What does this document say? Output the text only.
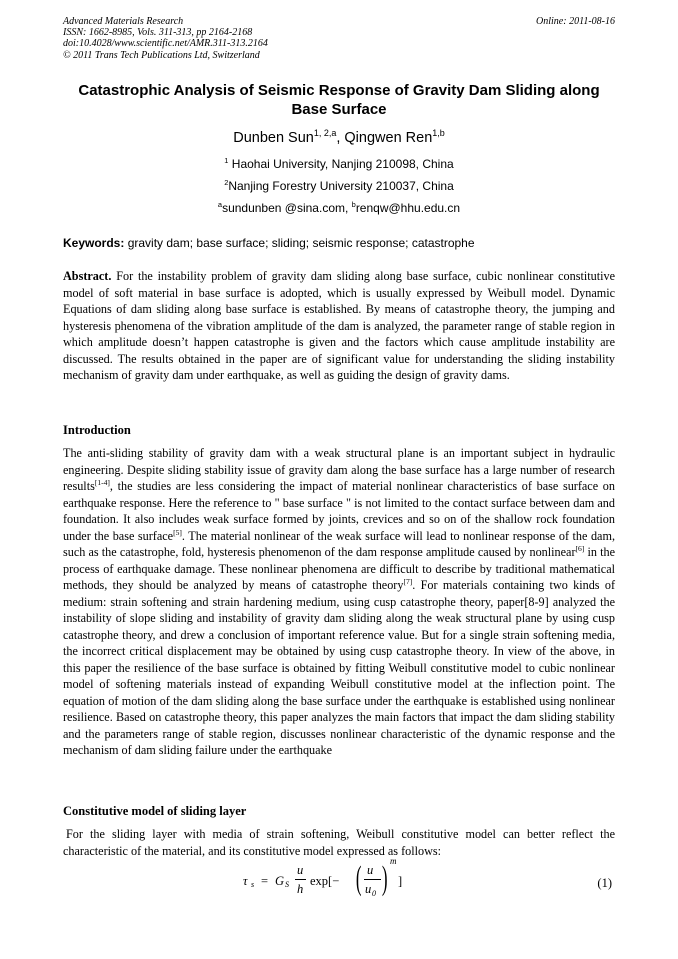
Advanced Materials Research
ISSN: 1662-8985, Vols. 311-313, pp 2164-2168
doi:10.4028/www.scientific.net/AMR.311-313.2164
© 2011 Trans Tech Publications Ltd, Switzerland
Online: 2011-08-16
Catastrophic Analysis of Seismic Response of Gravity Dam Sliding along Base Surface
Dunben Sun$^{1, 2,a}$, Qingwen Ren$^{1,b}$
$^1$ Haohai University, Nanjing 210098, China
$^2$Nanjing Forestry University 210037, China
$^a$sundunben @sina.com, $^b$renqw@hhu.edu.cn
Keywords: gravity dam; base surface; sliding; seismic response; catastrophe
Abstract. For the instability problem of gravity dam sliding along base surface, cubic nonlinear constitutive model of soft material in base surface is adopted, which is usually expressed by Weibull model. Dynamic Equations of dam sliding along base surface is established. By means of catastrophe theory, the jumping and hysteresis phenomena of the vibration amplitude of the dam is analyzed, the parameter range of stable region in which amplitude doesn’t happen catastrophe is given and the factors which cause amplitude instability are discussed. The results obtained in the paper are of significant value for understanding the sliding instability mechanism of gravity dam under earthquake, as well as guiding the design of gravity dams.
Introduction
The anti-sliding stability of gravity dam with a weak structural plane is an important subject in hydraulic engineering. Despite sliding stability issue of gravity dam along the base surface has a large number of research results[1-4], the studies are less considering the impact of material nonlinear characteristics of base surface on earthquake response. Here the reference to " base surface " is not limited to the contact surface between dam and foundation. It also includes weak surface formed by joints, crevices and so on of the shallow rock foundation under the base surface[5]. The material nonlinear of the weak surface will lead to nonlinear response of the dam, such as the catastrophe, fold, hysteresis phenomenon of the dam response amplitude caused by nonlinear[6] in the process of earthquake damage. These nonlinear phenomena are difficult to describe by traditional mathematical methods, they should be analyzed by means of catastrophe theory[7]. For materials containing two kinds of medium: strain softening and strain hardening medium, using cusp catastrophe theory, paper[8-9] analyzed the instability of slope sliding and instability of gravity dam sliding along the weak structural plane by using cusp catastrophe theory, and drew a conclusion of important reference value. But for a single strain softening media, the incorrect critical displacement may be obtained by using cusp catastrophe theory. In view of the above, in this paper the resilience of the base surface is obtained by fitting Weibull constitutive model to cubic nonlinear model of softening materials instead of expanding Weibull constitutive model at the inflection point. The equation of motion of the dam sliding along the base surface under the earthquake is established using nonlinear resilience. Based on catastrophe theory, this paper analyzes the main factors that impact the dam sliding stability and the parameters range of stable region, discusses nonlinear characteristic of the dynamic response and the mechanism of dam sliding failure under the earthquake
Constitutive model of sliding layer
For the sliding layer with media of strain softening, Weibull constitutive model can better reflect the characteristic of the material, and its constitutive model expressed as follows:
τ s = G S
u
h
exp[− ( u
u 0 ) m
]	(1)
